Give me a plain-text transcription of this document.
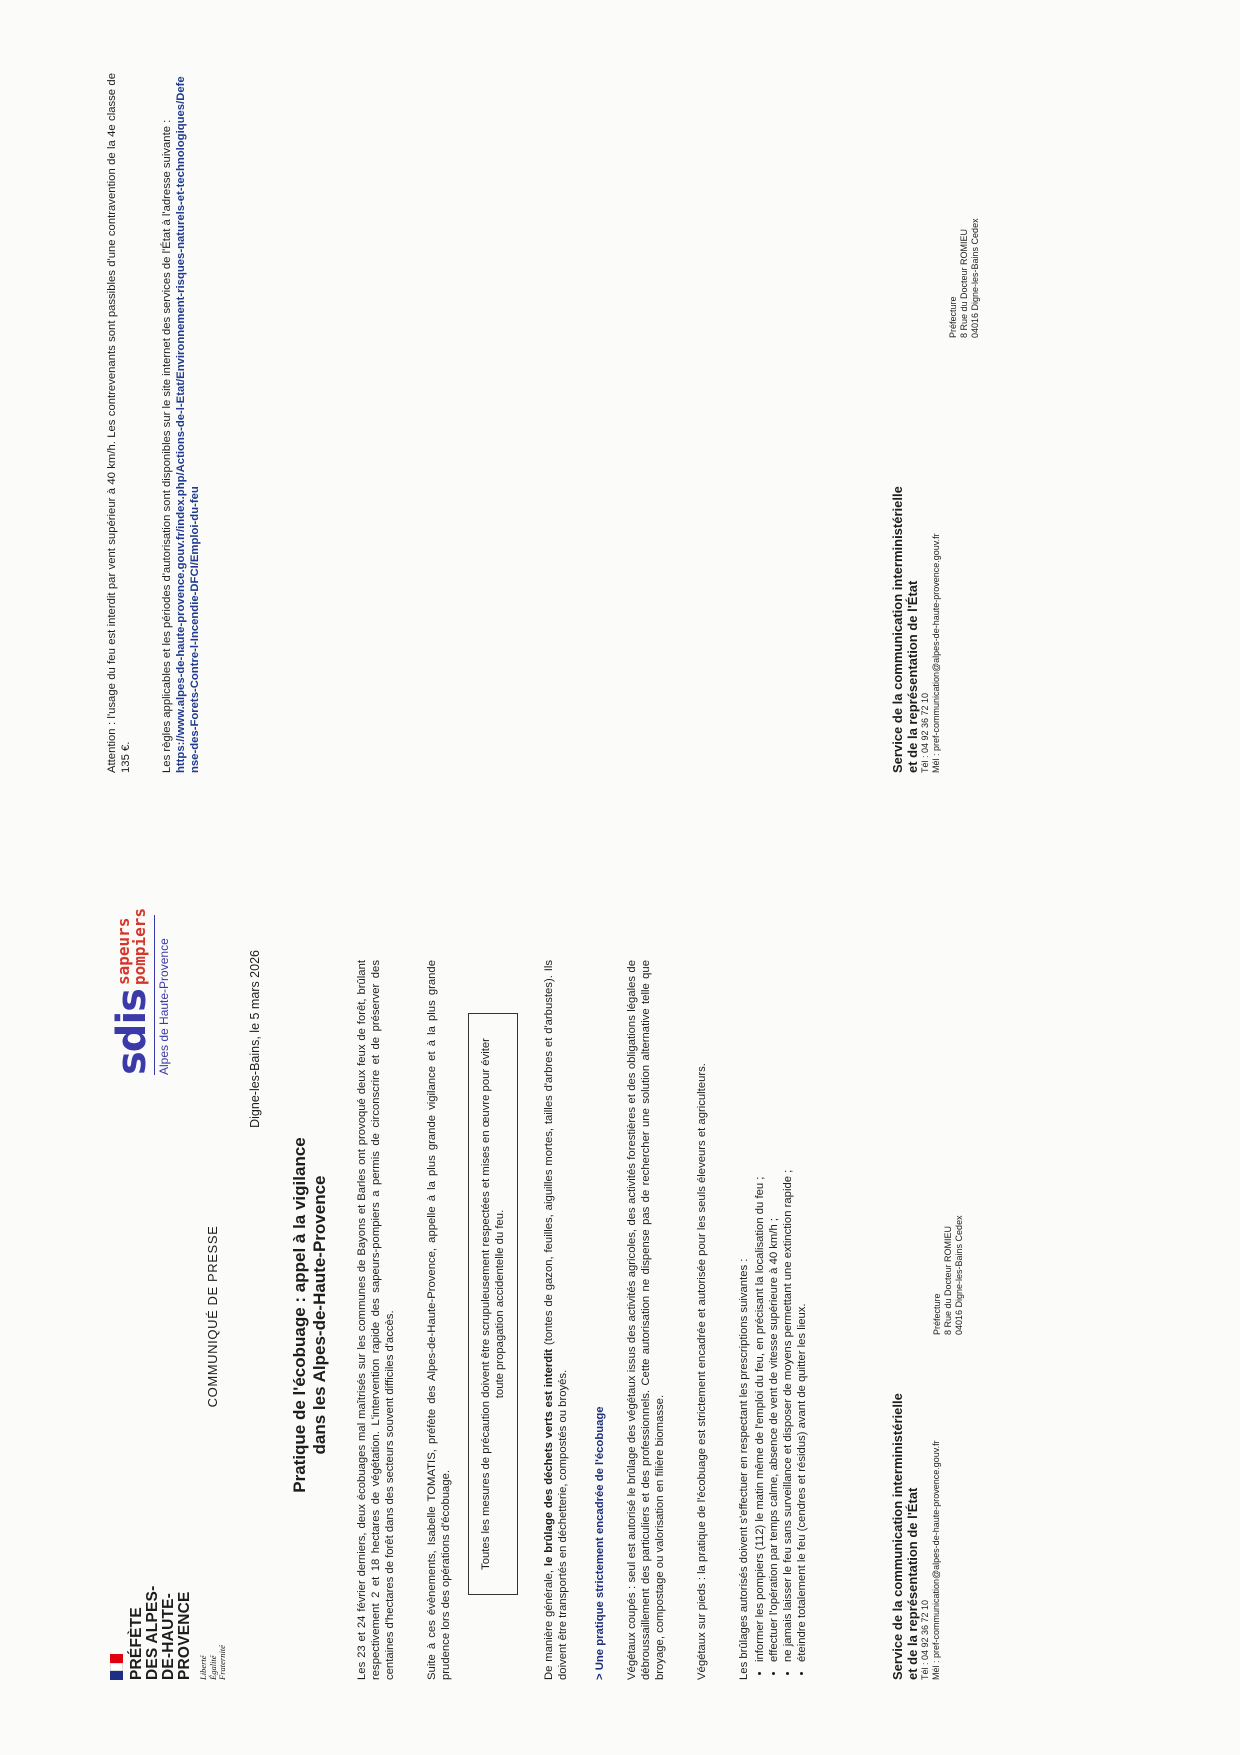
PRÉFÈTE DES ALPES- DE-HAUTE- PROVENCE Liberté Égalité Fraternité
sdis
sapeurs
pompiers Alpes de Haute-Provence
COMMUNIQUÉ DE PRESSE
Digne-les-Bains, le 5 mars 2026
Pratique de l'écobuage : appel à la vigilance dans les Alpes-de-Haute-Provence Les 23 et 24 février derniers, deux écobuages mal maîtrisés sur les communes de Bayons et Barles ont provoqué deux feux de forêt, brûlant respectivement 2 et 18 hectares de végétation. L'intervention rapide des sapeurs-pompiers a permis de circonscrire et de préserver des centaines d'hectares de forêt dans des secteurs souvent difficiles d'accès.	Suite à ces évènements, Isabelle TOMATIS, préfète des Alpes-de-Haute-Provence, appelle à la plus grande vigilance et à la plus grande prudence lors des opérations d'écobuage.

Toutes les mesures de précaution doivent être scrupuleusement respectées et mises en œuvre pour éviter toute propagation accidentelle du feu.

De manière générale, le brûlage des déchets verts est interdit (tontes de gazon, feuilles, aiguilles mortes, tailles d'arbres et d'arbustes). Ils doivent être transportés en déchetterie, compostés ou broyés. > Une pratique strictement encadrée de l'écobuage Végétaux coupés : seul est autorisé le brûlage des végétaux issus des activités agricoles, des activités forestières et des obligations légales de débroussaillement des particuliers et des professionnels. Cette autorisation ne dispense pas de rechercher une solution alternative telle que broyage, compostage ou valorisation en filière biomasse.	Végétaux sur pieds : la pratique de l'écobuage est strictement encadrée et autorisée pour les seuls éleveurs et agriculteurs.	Les brûlages autorisés doivent s'effectuer en respectant les prescriptions suivantes : • informer les pompiers (112) le matin même de l'emploi du feu, en précisant la localisation du feu ; • effectuer l'opération par temps calme, absence de vent de vitesse supérieure à 40 km/h ; • ne jamais laisser le feu sans surveillance et disposer de moyens permettant une extinction rapide ; • éteindre totalement le feu (cendres et résidus) avant de quitter les lieux.	Service de la communication interministérielle et de la représentation de l'État Tél : 04 92 36 72 10 Mél : pref-communication@alpes-de-haute-provence.gouv.fr
Préfecture 8 Rue du Docteur ROMIEU 04016 Digne-les-Bains Cedex

Attention : l'usage du feu est interdit par vent supérieur à 40 km/h. Les contrevenants sont passibles d'une contravention de la 4e classe de 135 €.	Les règles applicables et les périodes d'autorisation sont disponibles sur le site internet des services de l'État à l'adresse suivante : https://www.alpes-de-haute-provence.gouv.fr/index.php/Actions-de-l-Etat/Environnement-risques-naturels-et-technologiques/Defense-des-Forets-Contre-l-Incendie-DFCI/Emploi-du-feu	Service de la communication interministérielle et de la représentation de l'État Tél : 04 92 36 72 10 Mél : pref-communication@alpes-de-haute-provence.gouv.fr
Préfecture 8 Rue du Docteur ROMIEU 04016 Digne-les-Bains Cedex
